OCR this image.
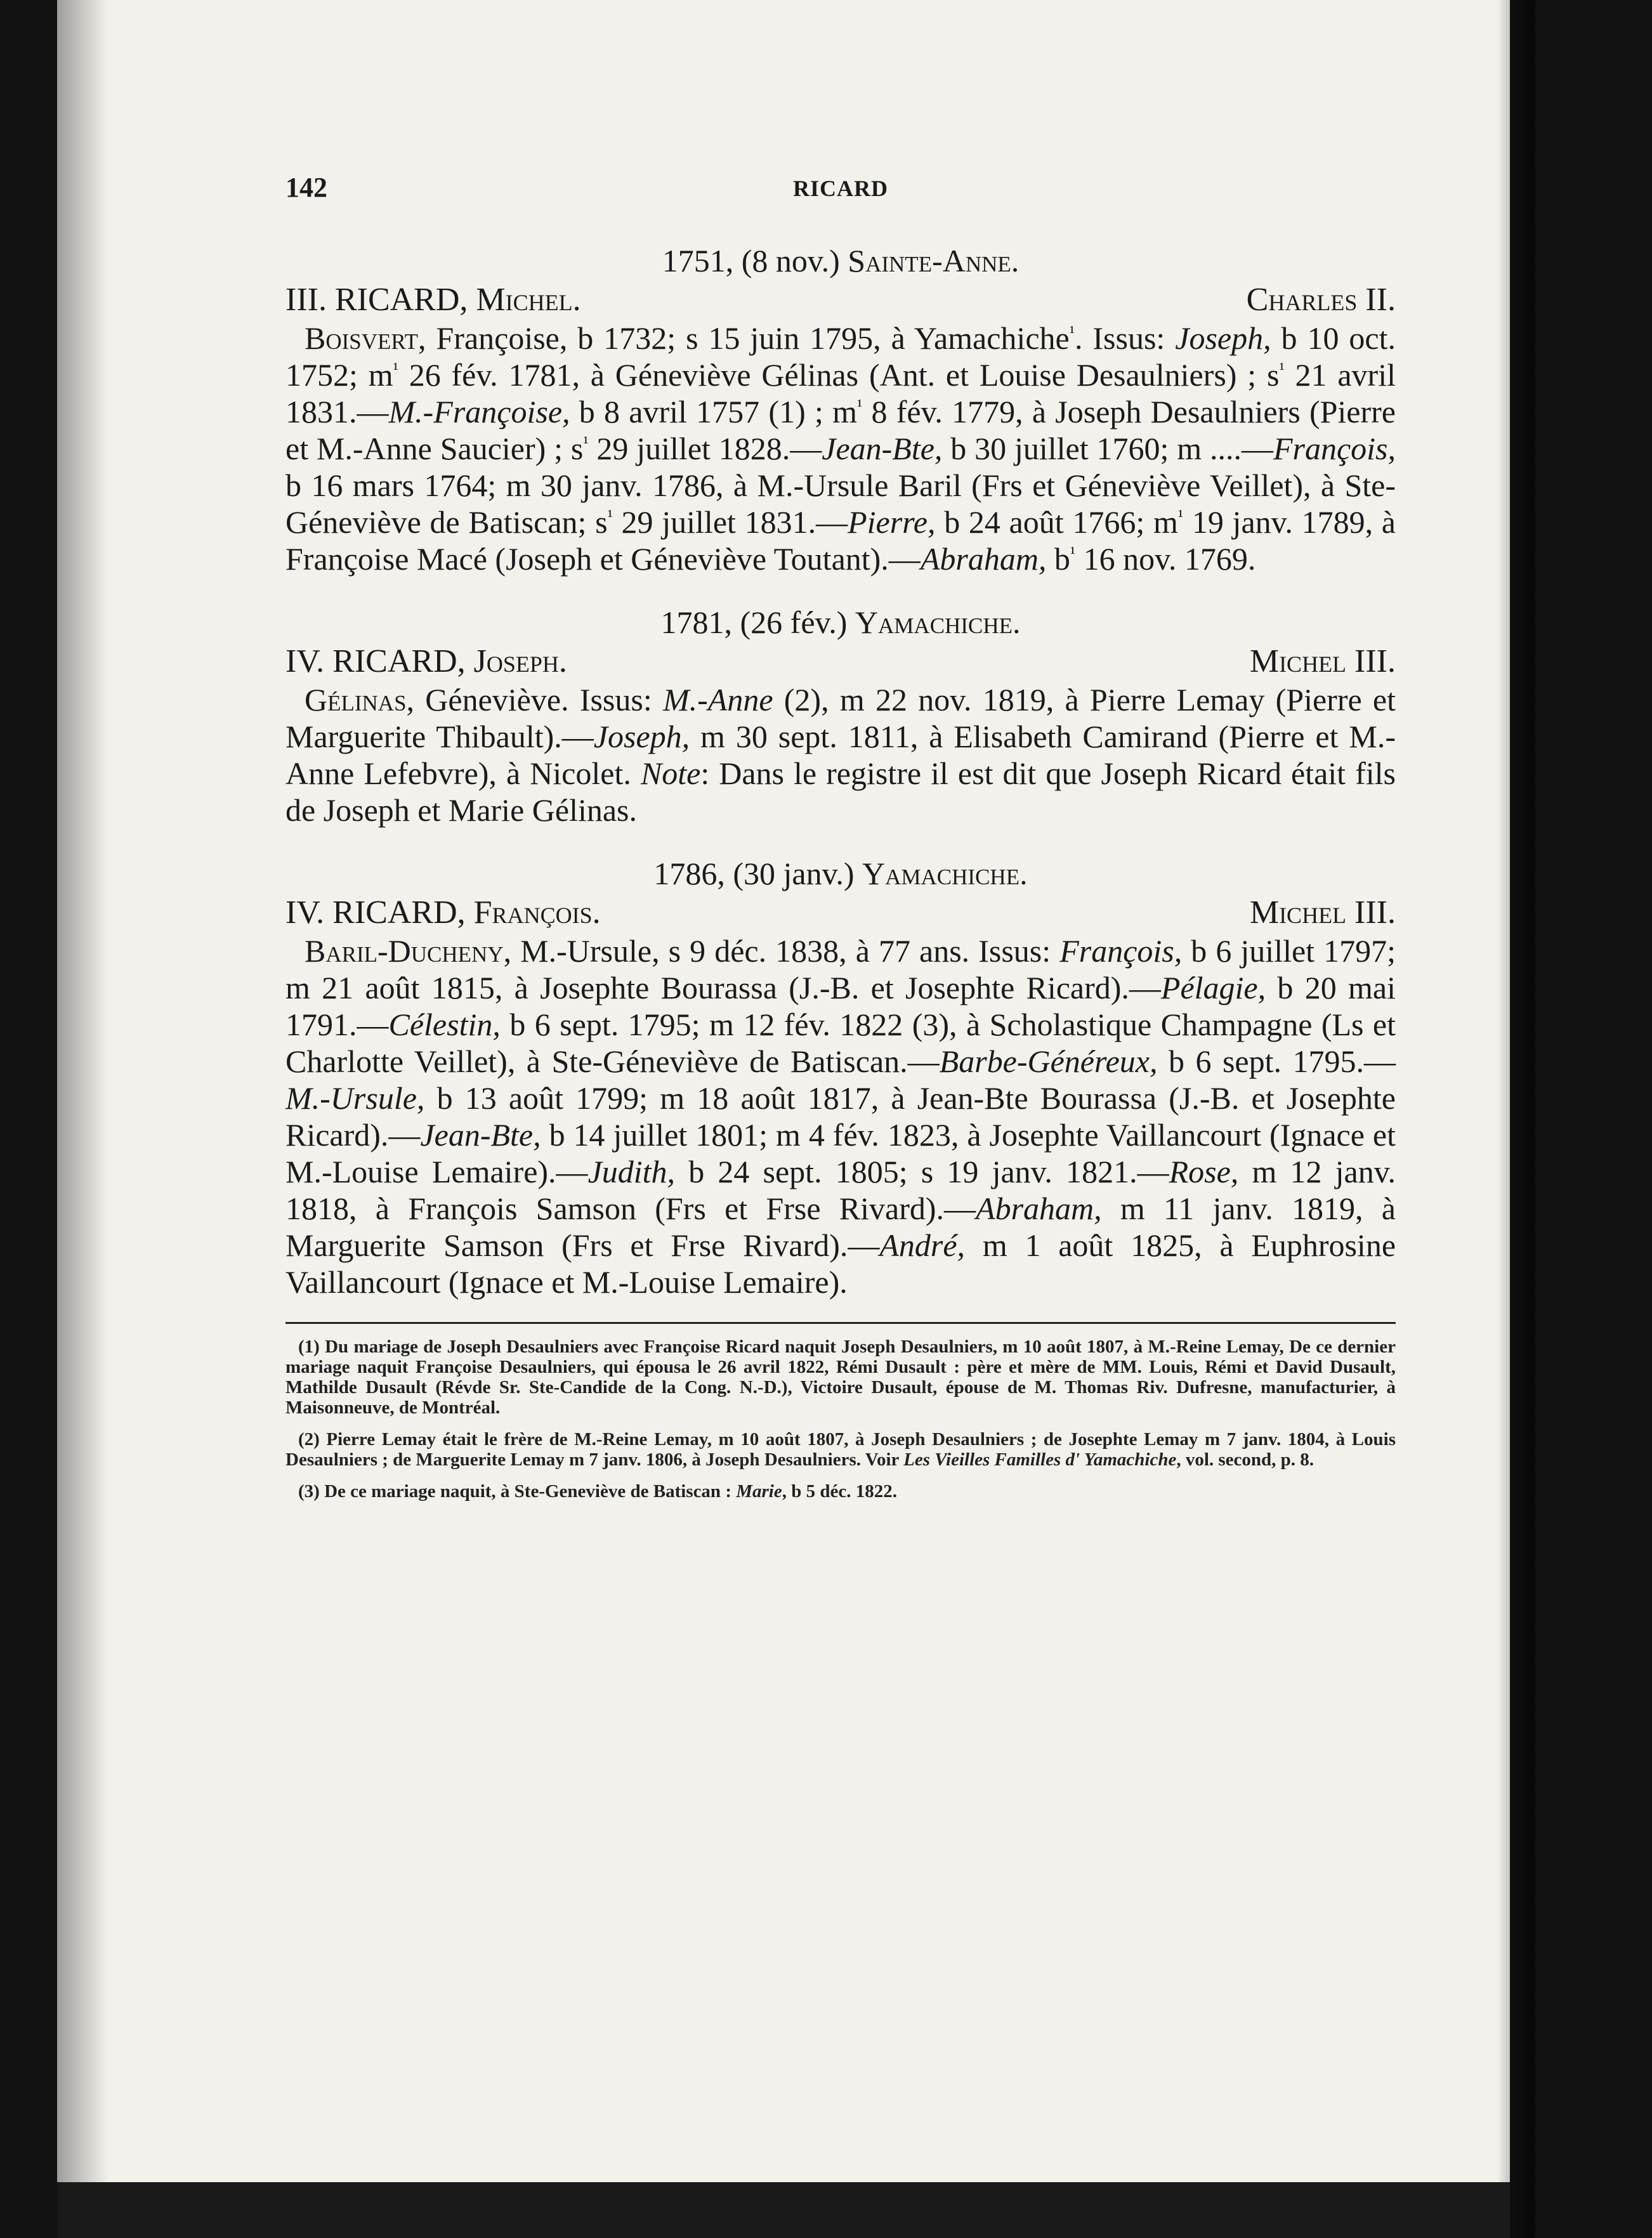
142	RICARD
1751, (8 nov.) Sainte-Anne.
III. RICARD, Michel.	Charles II.

Boisvert, Françoise, b 1732; s 15 juin 1795, à Yamachiche$^{^1}$. Issus: Joseph, b 10 oct. 1752; $m^{^1}$ 26 fév. 1781, à Géneviève Gélinas (Ant. et Louise Desaulniers) ; $s^{^1}$ 21 avril 1831.—M.-Françoise, b 8 avril 1757 (1) ; $m^{^1}$ 8 fév. 1779, à Joseph Desaulniers (Pierre et M.-Anne Saucier) ; $s^{^1}$ 29 juillet 1828.—Jean-Bte, b 30 juillet 1760; m ....—François, b 16 mars 1764; m 30 janv. 1786, à M.-Ursule Baril (Frs et Géneviève Veillet), à Ste-Géneviève de Batiscan; $s^{^1}$ 29 juillet 1831.—Pierre, b 24 août 1766; $m^{^1}$ 19 janv. 1789, à Françoise Macé (Joseph et Géneviève Toutant).—Abraham, $b^{^1}$ 16 nov. 1769.

1781, (26 fév.) Yamachiche.
IV. RICARD, Joseph.	Michel III.

Gélinas, Géneviève. Issus: M.-Anne (2), m 22 nov. 1819, à Pierre Lemay (Pierre et Marguerite Thibault).—Joseph, m 30 sept. 1811, à Elisabeth Camirand (Pierre et M.-Anne Lefebvre), à Nicolet. Note: Dans le registre il est dit que Joseph Ricard était fils de Joseph et Marie Gélinas.

1786, (30 janv.) Yamachiche.
IV. RICARD, François.	Michel III.

Baril-Ducheny, M.-Ursule, s 9 déc. 1838, à 77 ans. Issus: François, b 6 juillet 1797; m 21 août 1815, à Josephte Bourassa (J.-B. et Josephte Ricard).—Pélagie, b 20 mai 1791.—Célestin, b 6 sept. 1795; m 12 fév. 1822 (3), à Scholastique Champagne (Ls et Charlotte Veillet), à Ste-Géneviève de Batiscan.—Barbe-Généreux, b 6 sept. 1795.—M.-Ursule, b 13 août 1799; m 18 août 1817, à Jean-Bte Bourassa (J.-B. et Josephte Ricard).—Jean-Bte, b 14 juillet 1801; m 4 fév. 1823, à Josephte Vaillancourt (Ignace et M.-Louise Lemaire).—Judith, b 24 sept. 1805; s 19 janv. 1821.—Rose, m 12 janv. 1818, à François Samson (Frs et Frse Rivard).—Abraham, m 11 janv. 1819, à Marguerite Samson (Frs et Frse Rivard).—André, m 1 août 1825, à Euphrosine Vaillancourt (Ignace et M.-Louise Lemaire).

(1) Du mariage de Joseph Desaulniers avec Françoise Ricard naquit Joseph Desaulniers, m 10 août 1807, à M.-Reine Lemay, De ce dernier mariage naquit Françoise Desaulniers, qui épousa le 26 avril 1822, Rémi Dusault : père et mère de MM. Louis, Rémi et David Dusault, Mathilde Dusault (Révde Sr. Ste-Candide de la Cong. N.-D.), Victoire Dusault, épouse de M. Thomas Riv. Dufresne, manufacturier, à Maisonneuve, de Montréal.

(2) Pierre Lemay était le frère de M.-Reine Lemay, m 10 août 1807, à Joseph Desaulniers ; de Josephte Lemay m 7 janv. 1804, à Louis Desaulniers ; de Marguerite Lemay m 7 janv. 1806, à Joseph Desaulniers. Voir Les Vieilles Familles d' Yamachiche, vol. second, p. 8.

(3) De ce mariage naquit, à Ste-Geneviève de Batiscan : Marie, b 5 déc. 1822.
